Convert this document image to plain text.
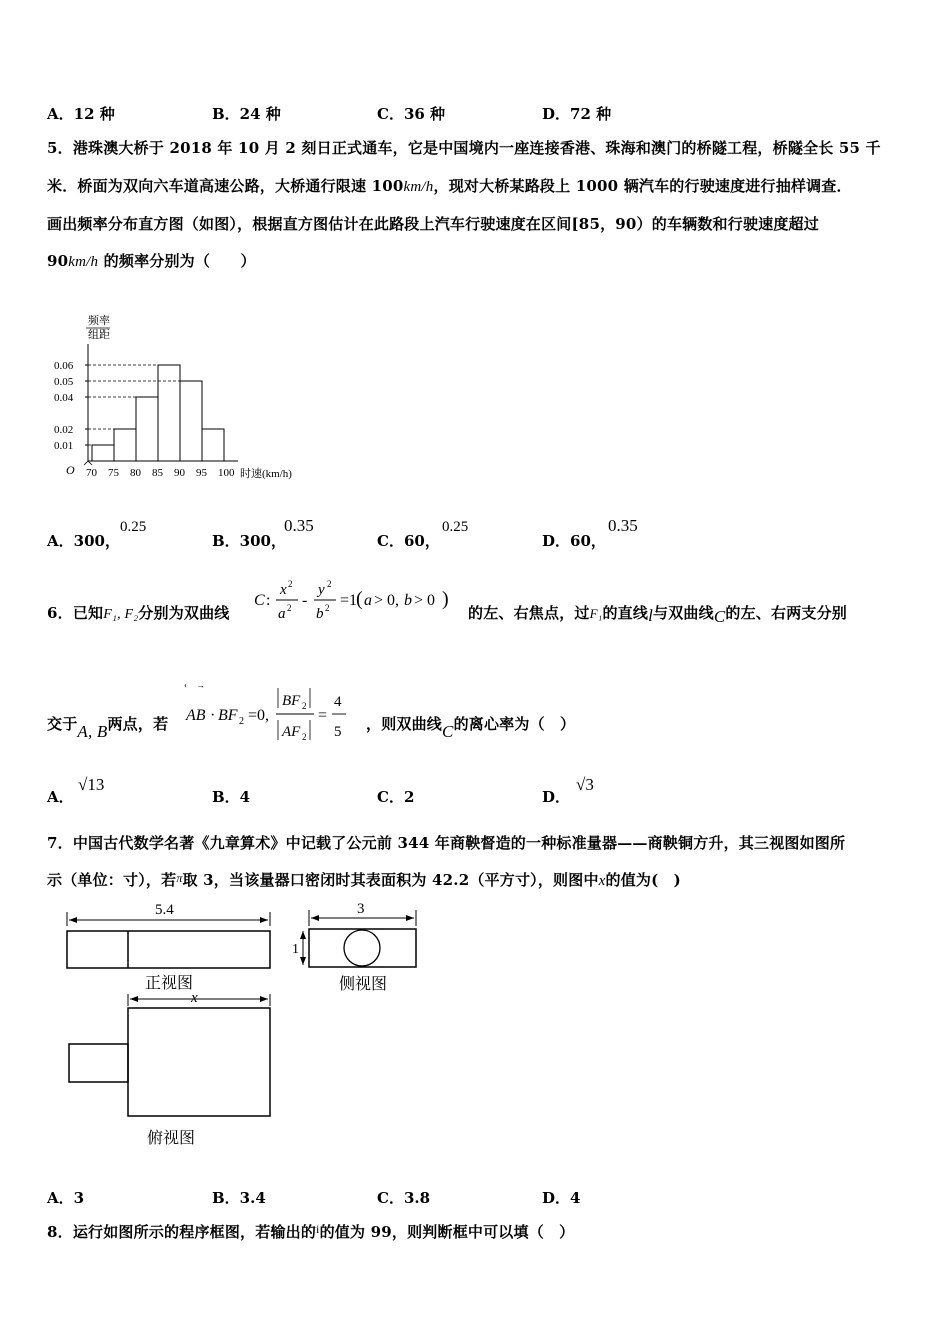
A．12 种	B．24 种	C．36 种	D．72 种
5．港珠澳大桥于 2018 年 10 月 2 刻日正式通车，它是中国境内一座连接香港、珠海和澳门的桥隧工程，桥隧全长 55 千
米．桥面为双向六车道高速公路，大桥通行限速 100km/h，现对大桥某路段上 1000 辆汽车的行驶速度进行抽样调查．
画出频率分布直方图（如图），根据直方图估计在此路段上汽车行驶速度在区间[85，90）的车辆数和行驶速度超过
90km/h 的频率分别为（　　）
频率
组距
0.01
0.02
0.04
0.05
0.06
70 75 80 85 90 95 100
O	时速(km/h)
A．300，
0.25
B．300，
0.35
C．60，
0.25
D．60，
0.35
6．已知F₁, F₂分别为双曲线
C :
x 2
a 2 -
y 2
b 2 =1
( a > 0, b > 0 )
的左、右焦点，过F₁的直线l与双曲线C的左、右两支分别
交于A, B两点，若
‹ →
AB · BF 2 =0,
BF 2
AF 2
=
4
5 ，则双曲线C的离心率为（　）
A．
√13
B．4	C．2	D．
√3
7．中国古代数学名著《九章算术》中记载了公元前 344 年商鞅督造的一种标准量器——商鞅铜方升，其三视图如图所
示（单位：寸），若$^\pi$取 3，当该量器口密闭时其表面积为 42.2（平方寸），则图中x的值为(　)
5.4
正视图
3
1
侧视图
x
俯视图
A．3	B．3.4	C．3.8	D．4
8．运行如图所示的程序框图，若输出的$^i$的值为 99，则判断框中可以填（　）
